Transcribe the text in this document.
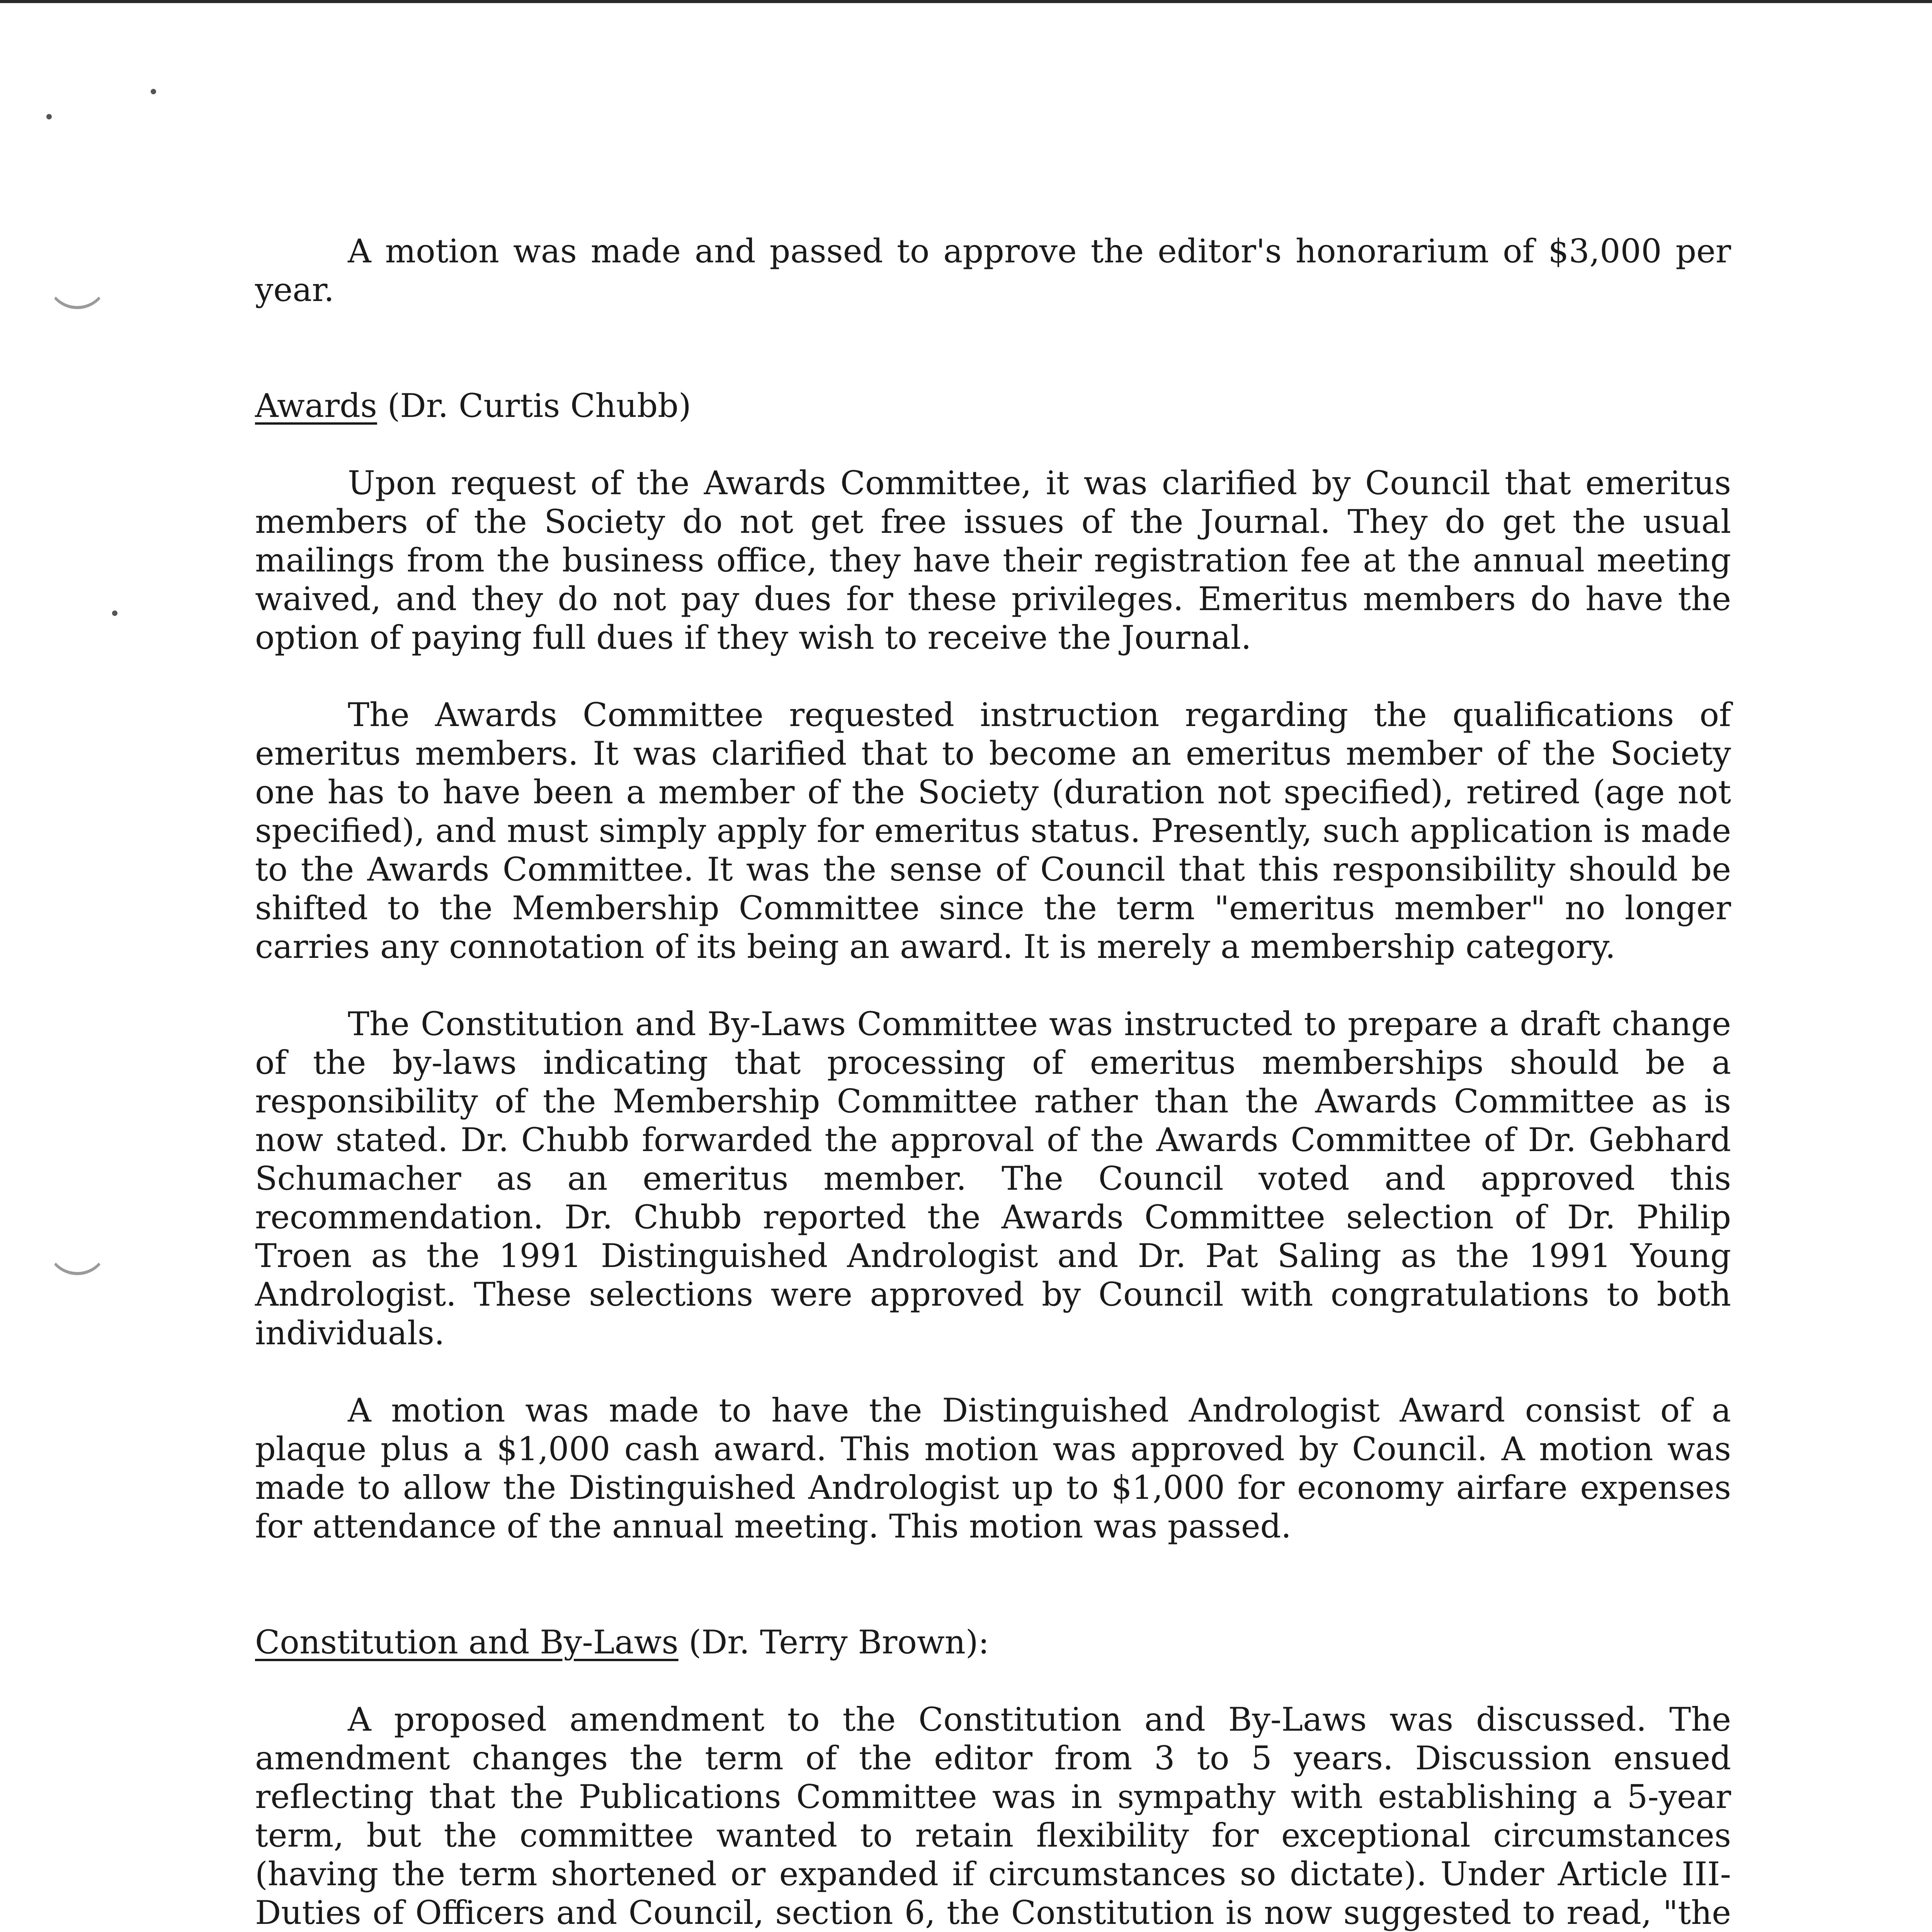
A motion was made and passed to approve the editor's honorarium of $3,000 per year.

Awards (Dr. Curtis Chubb)

Upon request of the Awards Committee, it was clarified by Council that emeritus members of the Society do not get free issues of the Journal. They do get the usual mailings from the business office, they have their registration fee at the annual meeting waived, and they do not pay dues for these privileges. Emeritus members do have the option of paying full dues if they wish to receive the Journal.

The Awards Committee requested instruction regarding the qualifications of emeritus members. It was clarified that to become an emeritus member of the Society one has to have been a member of the Society (duration not specified), retired (age not specified), and must simply apply for emeritus status. Presently, such application is made to the Awards Committee. It was the sense of Council that this responsibility should be shifted to the Membership Committee since the term "emeritus member" no longer carries any connotation of its being an award. It is merely a membership category.

The Constitution and By-Laws Committee was instructed to prepare a draft change of the by-laws indicating that processing of emeritus memberships should be a responsibility of the Membership Committee rather than the Awards Committee as is now stated. Dr. Chubb forwarded the approval of the Awards Committee of Dr. Gebhard Schumacher as an emeritus member. The Council voted and approved this recommendation. Dr. Chubb reported the Awards Committee selection of Dr. Philip Troen as the 1991 Distinguished Andrologist and Dr. Pat Saling as the 1991 Young Andrologist. These selections were approved by Council with congratulations to both individuals.

A motion was made to have the Distinguished Andrologist Award consist of a plaque plus a $1,000 cash award. This motion was approved by Council. A motion was made to allow the Distinguished Andrologist up to $1,000 for economy airfare expenses for attendance of the annual meeting. This motion was passed.

Constitution and By-Laws (Dr. Terry Brown):

A proposed amendment to the Constitution and By-Laws was discussed. The amendment changes the term of the editor from 3 to 5 years. Discussion ensued reflecting that the Publications Committee was in sympathy with establishing a 5-year term, but the committee wanted to retain flexibility for exceptional circumstances (having the term shortened or expanded if circumstances so dictate). Under Article III- Duties of Officers and Council, section 6, the Constitution is now suggested to read, "the
